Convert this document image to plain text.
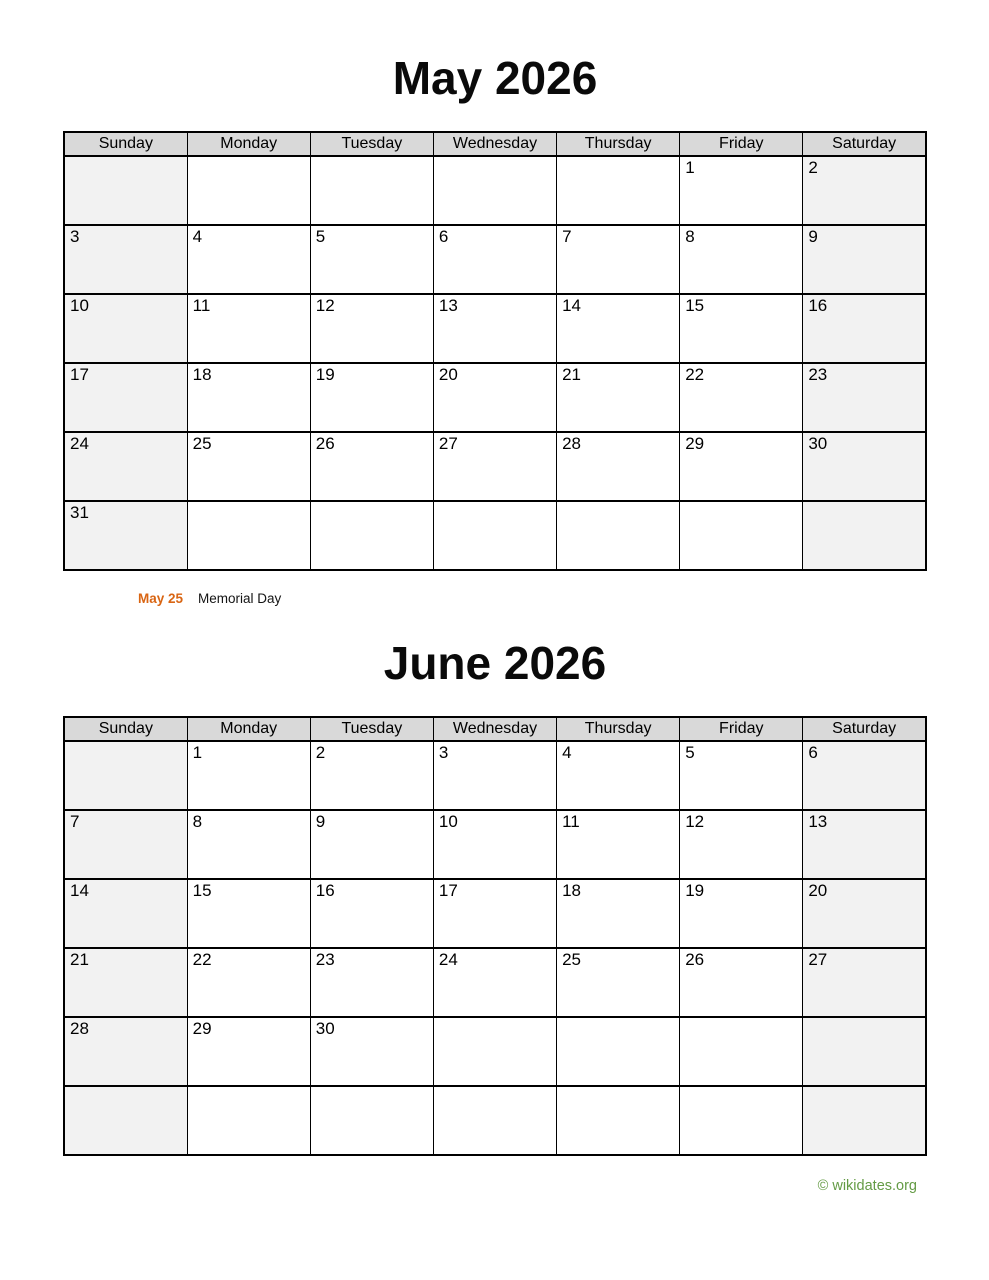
May 2026
Sunday	Monday	Tuesday	Wednesday	Thursday	Friday	Saturday
					1	2
3	4	5	6	7	8	9
10	11	12	13	14	15	16
17	18	19	20	21	22	23
24	25	26	27	28	29	30
31						

May 25 Memorial Day

June 2026
Sunday	Monday	Tuesday	Wednesday	Thursday	Friday	Saturday
	1	2	3	4	5	6
7	8	9	10	11	12	13
14	15	16	17	18	19	20
21	22	23	24	25	26	27
28	29	30				

© wikidates.org
